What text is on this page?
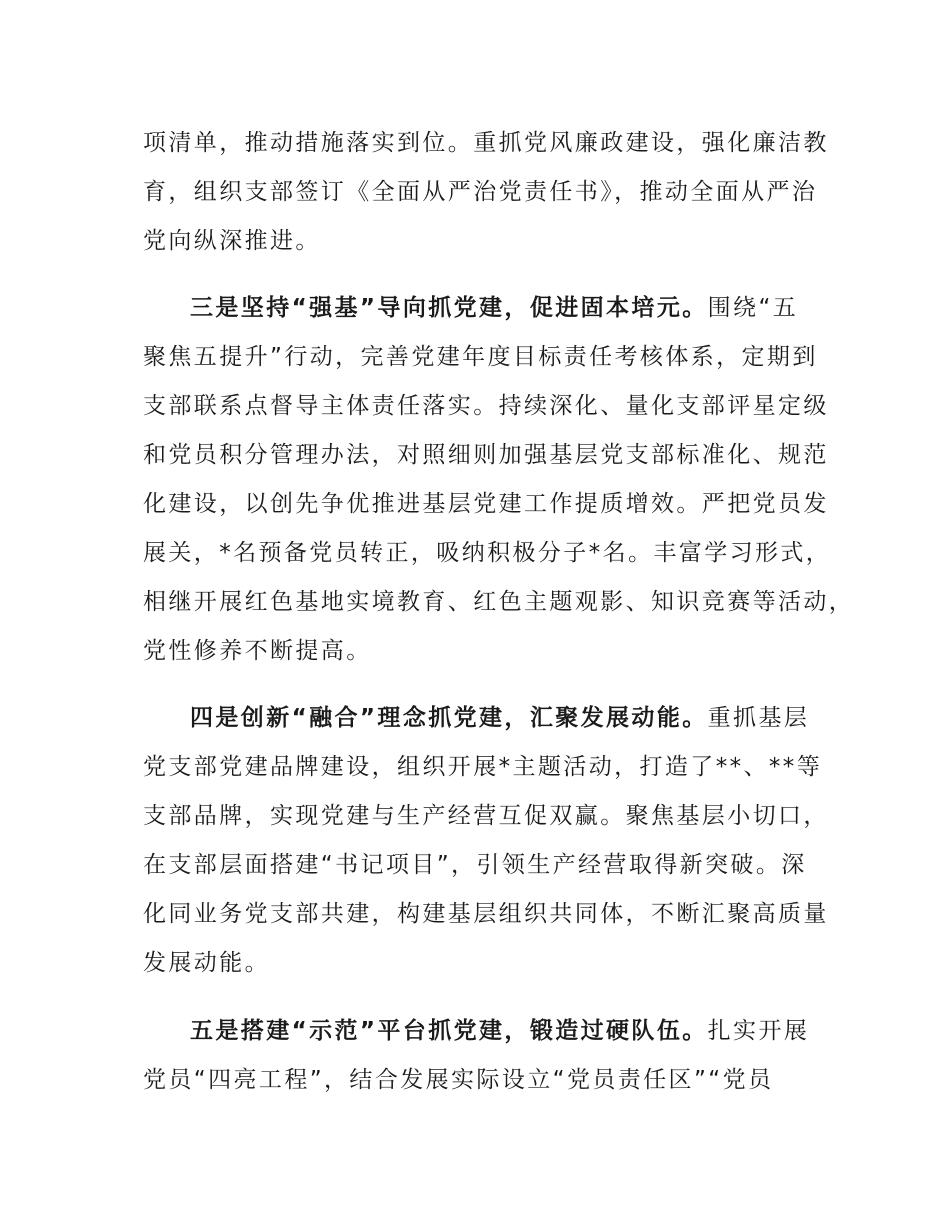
项清单，推动措施落实到位。重抓党风廉政建设，强化廉洁教
育，组织支部签订《全面从严治党责任书》，推动全面从严治
党向纵深推进。
三是坚持“强基”导向抓党建，促进固本培元。围绕“五
聚焦五提升”行动，完善党建年度目标责任考核体系，定期到
支部联系点督导主体责任落实。持续深化、量化支部评星定级
和党员积分管理办法，对照细则加强基层党支部标准化、规范
化建设，以创先争优推进基层党建工作提质增效。严把党员发
展关，*名预备党员转正，吸纳积极分子*名。丰富学习形式，
相继开展红色基地实境教育、红色主题观影、知识竞赛等活动，
党性修养不断提高。
四是创新“融合”理念抓党建，汇聚发展动能。重抓基层
党支部党建品牌建设，组织开展*主题活动，打造了**、**等
支部品牌，实现党建与生产经营互促双赢。聚焦基层小切口，
在支部层面搭建“书记项目”，引领生产经营取得新突破。深
化同业务党支部共建，构建基层组织共同体，不断汇聚高质量
发展动能。
五是搭建“示范”平台抓党建，锻造过硬队伍。扎实开展
党员“四亮工程”，结合发展实际设立“党员责任区”“党员
